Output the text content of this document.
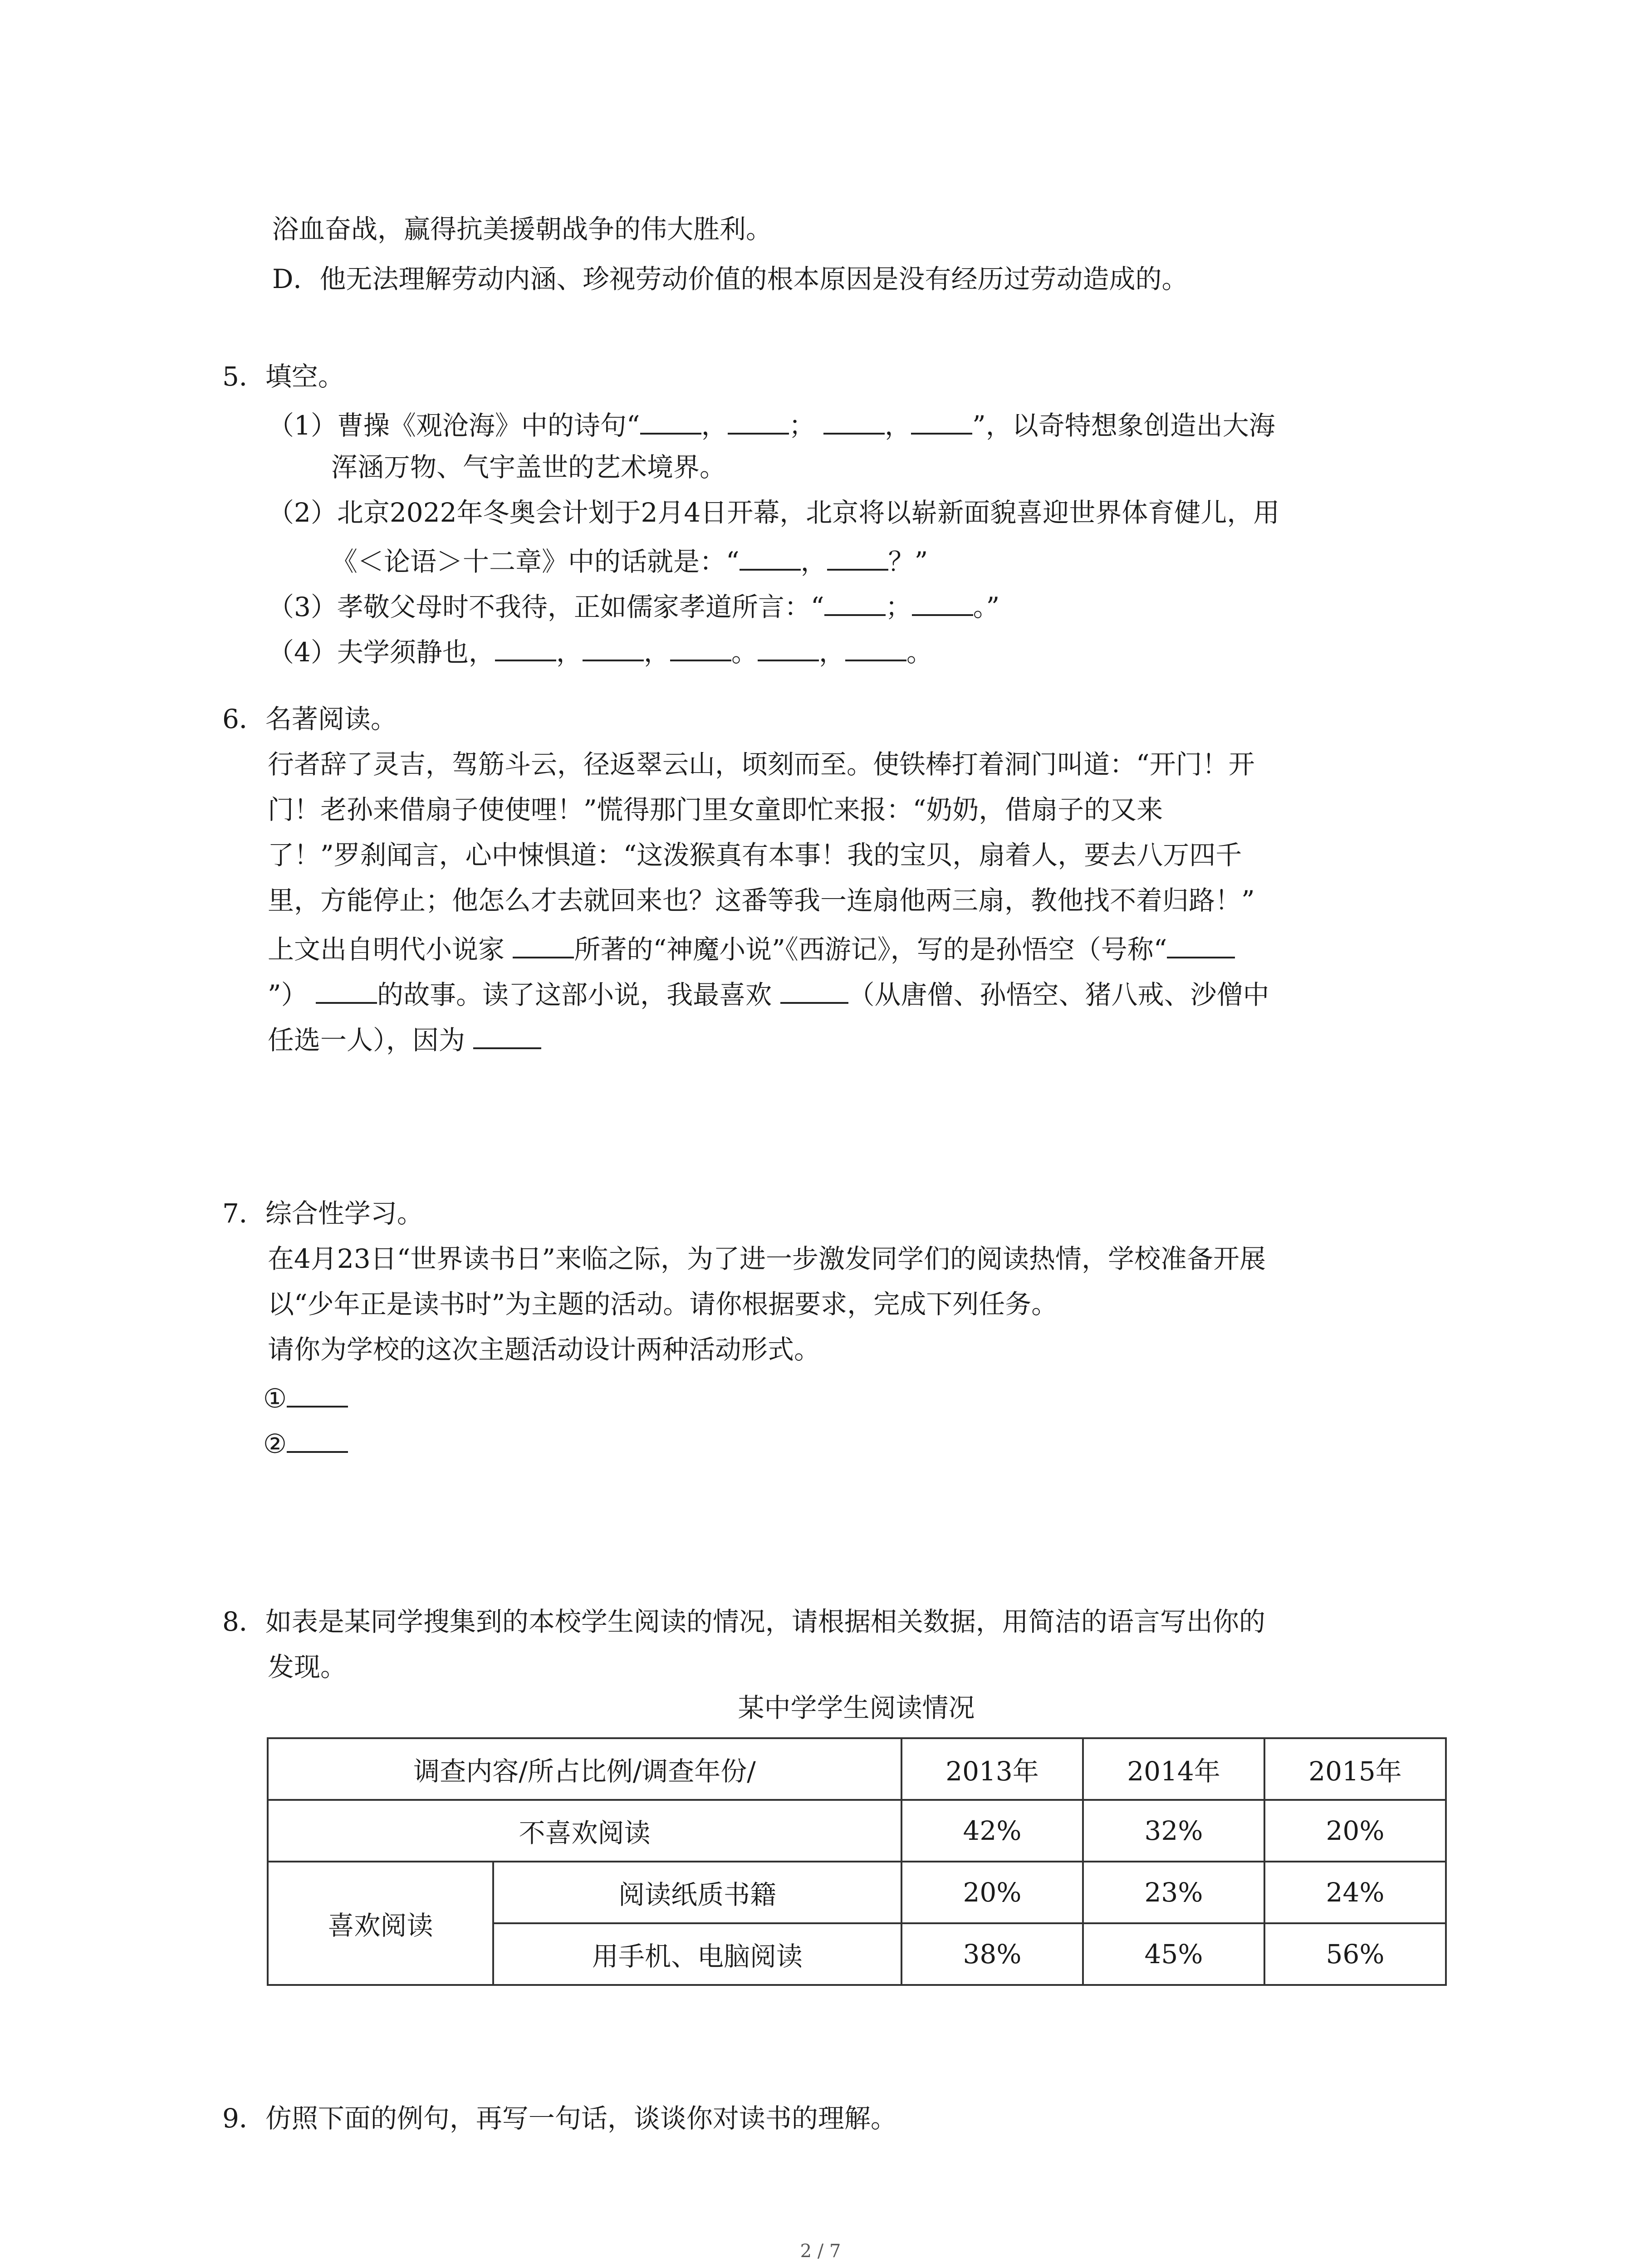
浴血奋战，赢得抗美援朝战争的伟大胜利。
D．他无法理解劳动内涵、珍视劳动价值的根本原因是没有经历过劳动造成的。
5．填空。
（1）曹操《观沧海》中的诗句“ ， ；	， ”，以奇特想象创造出大海
浑涵万物、气宇盖世的艺术境界。
（2）北京2022年冬奥会计划于2月4日开幕，北京将以崭新面貌喜迎世界体育健儿，用
《＜论语＞十二章》中的话就是：“ ， ？”
（3）孝敬父母时不我待，正如儒家孝道所言：“ ； 。”
（4）夫学须静也， ， ， 。 ， 。
6．名著阅读。
行者辞了灵吉，驾筋斗云，径返翠云山，顷刻而至。使铁棒打着洞门叫道：“开门！开
门！老孙来借扇子使使哩！”慌得那门里女童即忙来报：“奶奶，借扇子的又来
了！”罗刹闻言，心中悚惧道：“这泼猴真有本事！我的宝贝，扇着人，要去八万四千
里，方能停止；他怎么才去就回来也？这番等我一连扇他两三扇，教他找不着归路！”
上文出自明代小说家 所著的“神魔小说”《西游记》，写的是孙悟空（号称“
”）	的故事。读了这部小说，我最喜欢	（从唐僧、孙悟空、猪八戒、沙僧中
任选一人），因为
7．综合性学习。
在4月23日“世界读书日”来临之际，为了进一步激发同学们的阅读热情，学校准备开展
以“少年正是读书时”为主题的活动。请你根据要求，完成下列任务。
请你为学校的这次主题活动设计两种活动形式。
①
②
8．如表是某同学搜集到的本校学生阅读的情况，请根据相关数据，用简洁的语言写出你的
发现。
某中学学生阅读情况
调查内容/所占比例/调查年份/		2013年	2014年	2015年
不喜欢阅读		42%	32%	20%
喜欢阅读	阅读纸质书籍	20%	23%	24%
	用手机、电脑阅读	38%	45%	56%
9．仿照下面的例句，再写一句话，谈谈你对读书的理解。
2 / 7
